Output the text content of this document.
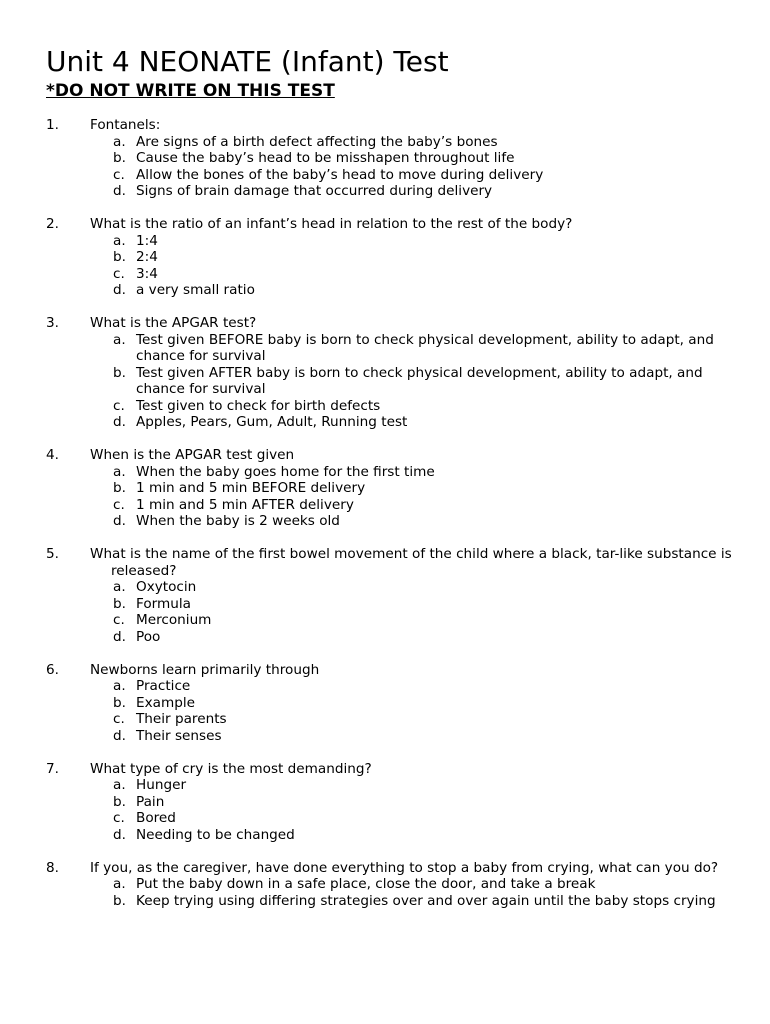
Unit 4 NEONATE (Infant) Test
*DO NOT WRITE ON THIS TEST
1. Fontanels:
a. Are signs of a birth defect affecting the baby’s bones
b. Cause the baby’s head to be misshapen throughout life
c. Allow the bones of the baby’s head to move during delivery
d. Signs of brain damage that occurred during delivery
2. What is the ratio of an infant’s head in relation to the rest of the body?
a. 1:4
b. 2:4
c. 3:4
d. a very small ratio
3. What is the APGAR test?
a. Test given BEFORE baby is born to check physical development, ability to adapt, and chance for survival
b. Test given AFTER baby is born to check physical development, ability to adapt, and chance for survival
c. Test given to check for birth defects
d. Apples, Pears, Gum, Adult, Running test
4. When is the APGAR test given
a. When the baby goes home for the first time
b. 1 min and 5 min BEFORE delivery
c. 1 min and 5 min AFTER delivery
d. When the baby is 2 weeks old
5. What is the name of the first bowel movement of the child where a black, tar-like substance is
released?
a. Oxytocin
b. Formula
c. Merconium
d. Poo
6. Newborns learn primarily through
a. Practice
b. Example
c. Their parents
d. Their senses
7. What type of cry is the most demanding?
a. Hunger
b. Pain
c. Bored
d. Needing to be changed
8. If you, as the caregiver, have done everything to stop a baby from crying, what can you do?
a. Put the baby down in a safe place, close the door, and take a break
b. Keep trying using differing strategies over and over again until the baby stops crying
